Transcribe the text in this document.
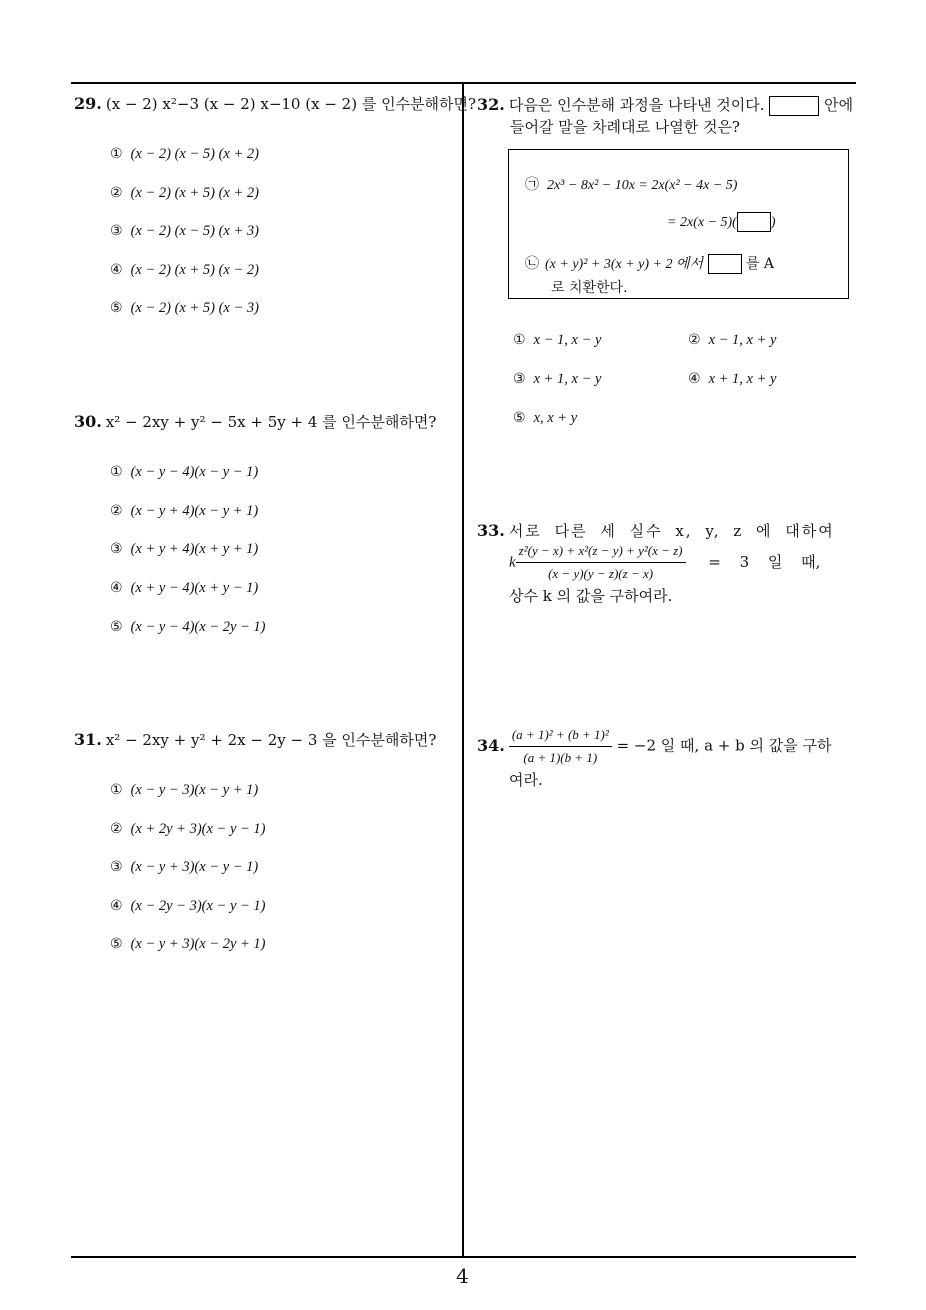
29. (x − 2) x²−3 (x − 2) x−10 (x − 2) 를 인수분해하면?
① (x − 2) (x − 5) (x + 2)
② (x − 2) (x + 5) (x + 2)
③ (x − 2) (x − 5) (x + 3)
④ (x − 2) (x + 5) (x − 2)
⑤ (x − 2) (x + 5) (x − 3)
30. x² − 2xy + y² − 5x + 5y + 4 를 인수분해하면?
① (x − y − 4)(x − y − 1)
② (x − y + 4)(x − y + 1)
③ (x + y + 4)(x + y + 1)
④ (x + y − 4)(x + y − 1)
⑤ (x − y − 4)(x − 2y − 1)
31. x² − 2xy + y² + 2x − 2y − 3 을 인수분해하면?
① (x − y − 3)(x − y + 1)
② (x + 2y + 3)(x − y − 1)
③ (x − y + 3)(x − y − 1)
④ (x − 2y − 3)(x − y − 1)
⑤ (x − y + 3)(x − 2y + 1)
32. 다음은 인수분해 과정을 나타낸 것이다.	안에
들어갈 말을 차례대로 나열한 것은?
㉠ 2x³ − 8x² − 10x = 2x(x² − 4x − 5)
= 2x(x − 5)( )
㉡ (x + y)² + 3(x + y) + 2 에서	를 A
로 치환한다.
① x − 1, x − y	② x − 1, x + y
③ x + 1, x − y	④ x + 1, x + y
⑤ x, x + y
33. 서로 다른 세 실수 x, y, z 에 대하여
k $\frac{\text{z²(y − x) + x²(z − y) + y²(x − z)}}{(x - y)(y - z)(z - x)} = 3$ 일 때,
상수 k 의 값을 구하여라.
34. $\frac{\text{(a + 1)² + (b + 1)²}}{(a + 1)(b + 1)} = -2$ 일 때, a + b 의 값을 구하
여라.
4
